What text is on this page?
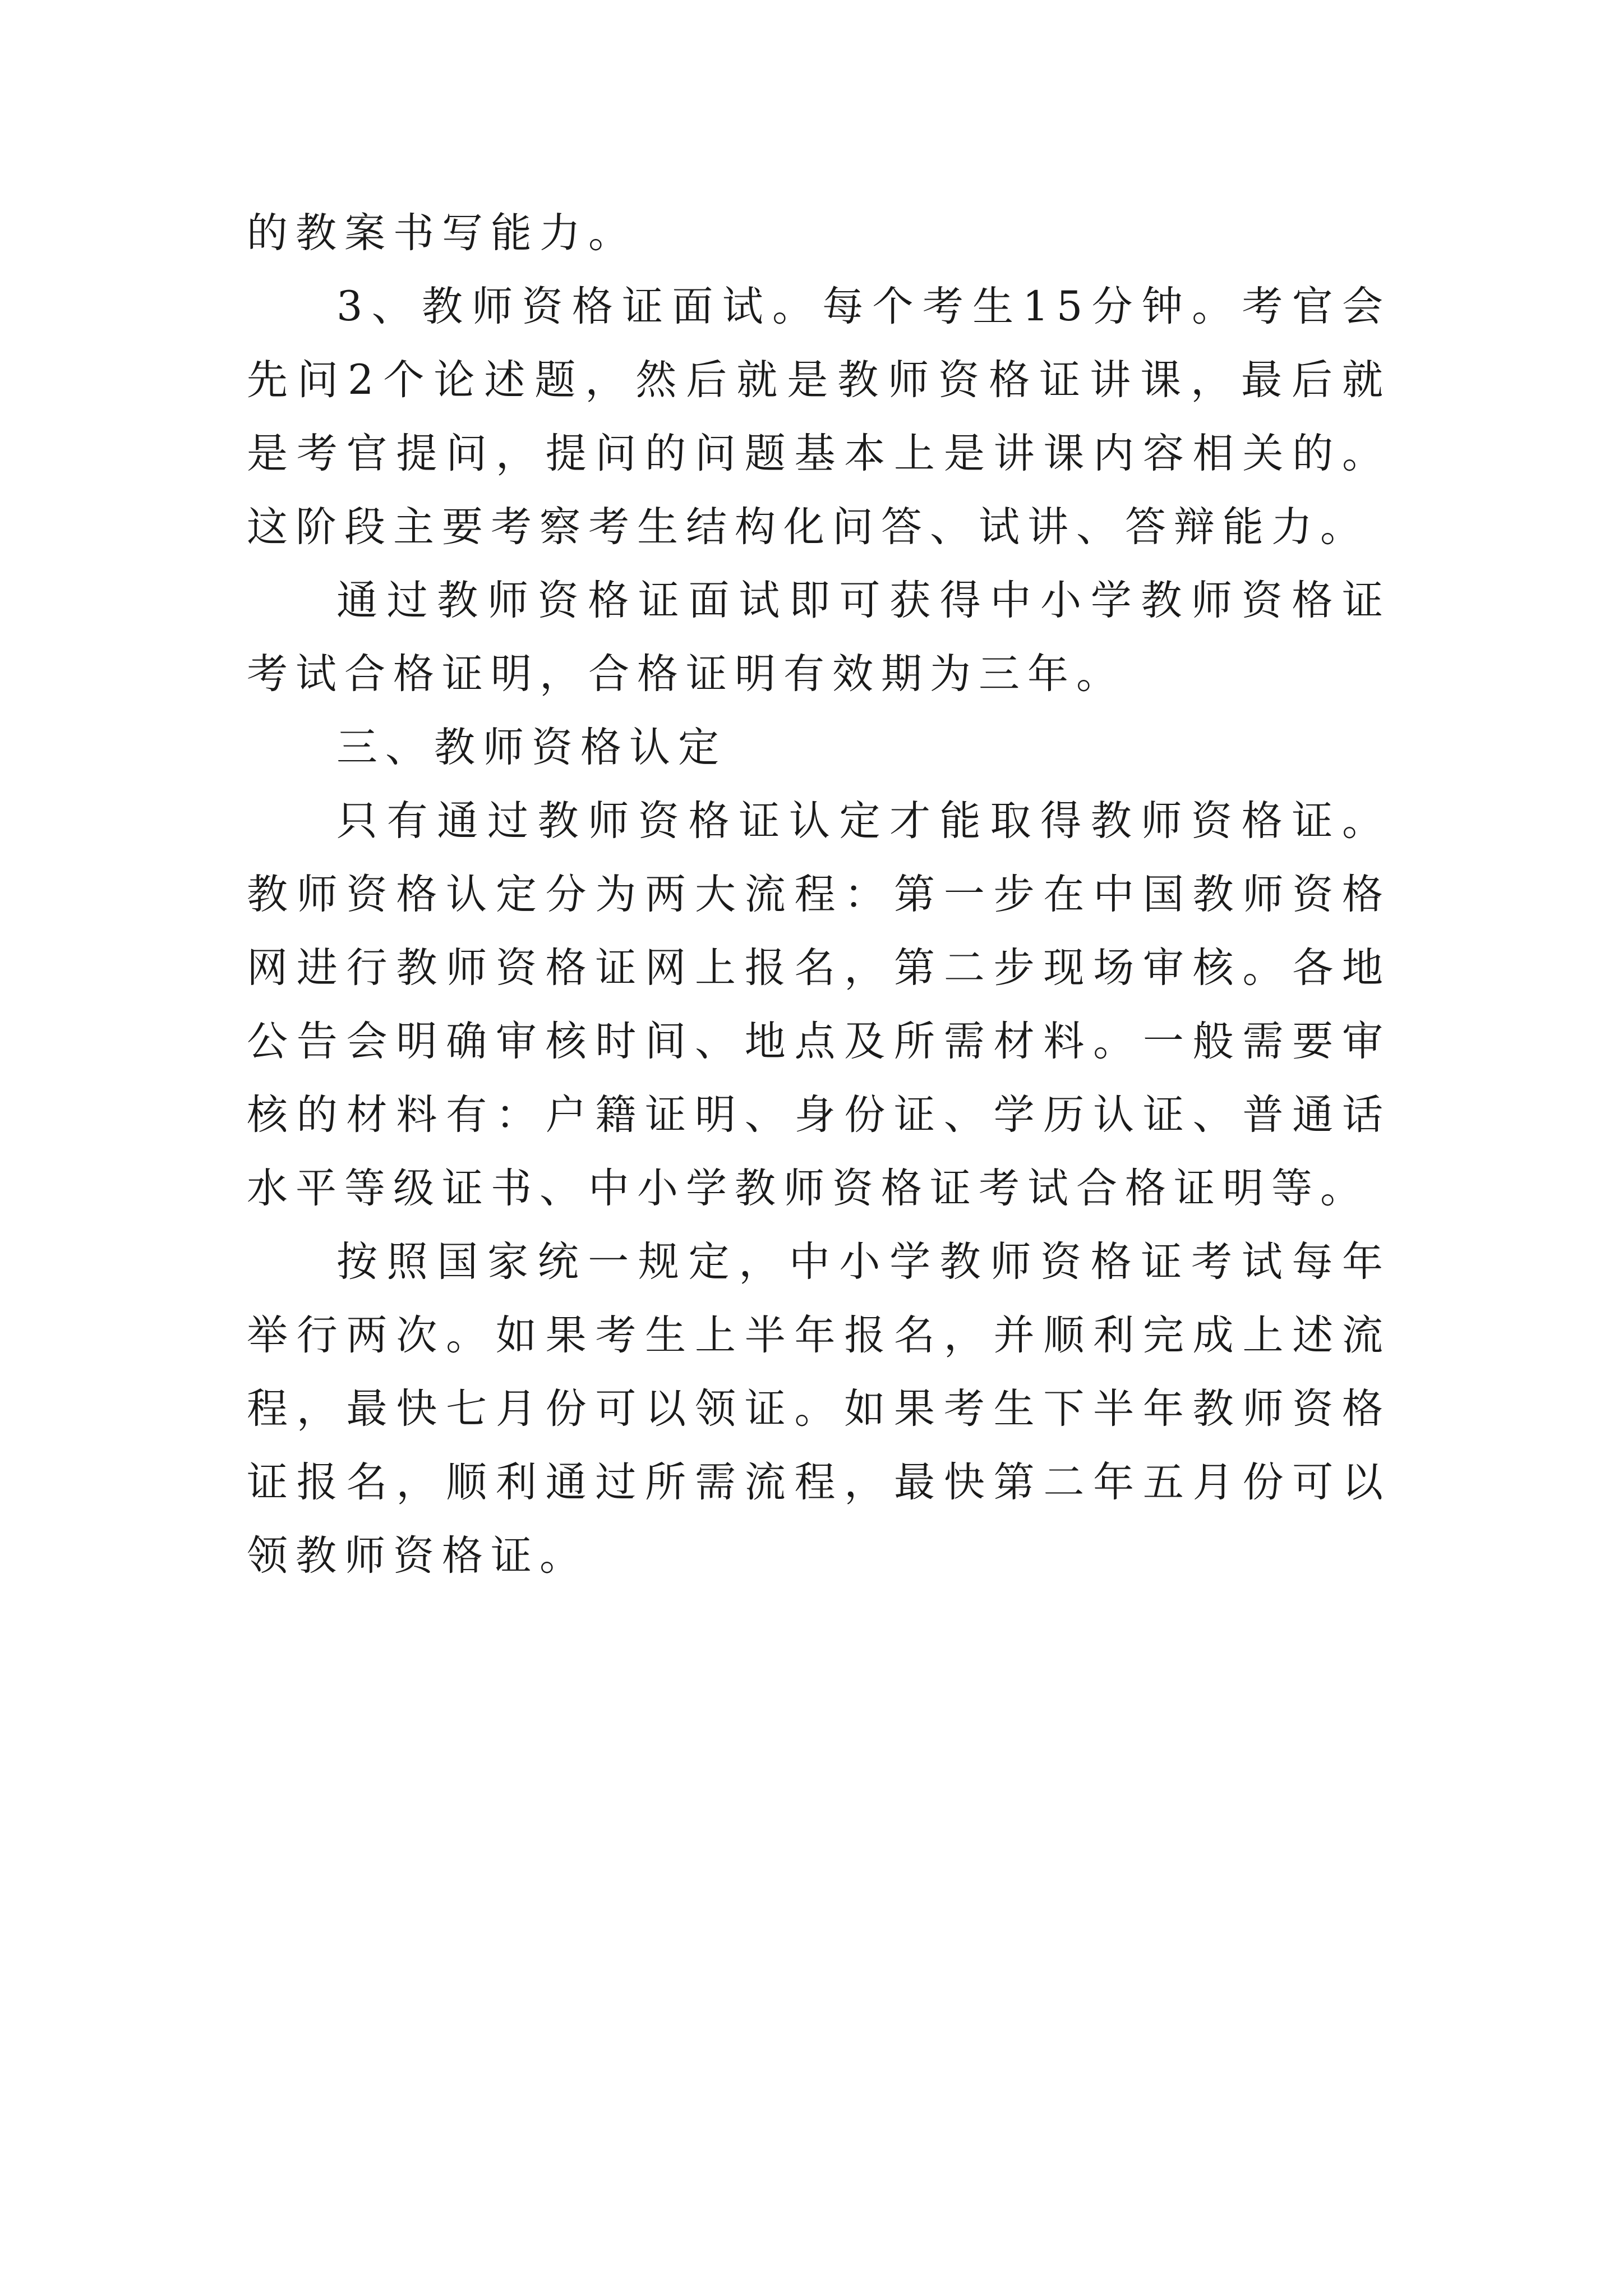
的教案书写能力。

3、教师资格证面试。每个考生15分钟。考官会先问2个论述题，然后就是教师资格证讲课，最后就是考官提问，提问的问题基本上是讲课内容相关的。这阶段主要考察考生结构化问答、试讲、答辩能力。

通过教师资格证面试即可获得中小学教师资格证考试合格证明，合格证明有效期为三年。

三、教师资格认定

只有通过教师资格证认定才能取得教师资格证。教师资格认定分为两大流程：第一步在中国教师资格网进行教师资格证网上报名，第二步现场审核。各地公告会明确审核时间、地点及所需材料。一般需要审核的材料有：户籍证明、身份证、学历认证、普通话水平等级证书、中小学教师资格证考试合格证明等。

按照国家统一规定，中小学教师资格证考试每年举行两次。如果考生上半年报名，并顺利完成上述流程，最快七月份可以领证。如果考生下半年教师资格证报名，顺利通过所需流程，最快第二年五月份可以领教师资格证。
